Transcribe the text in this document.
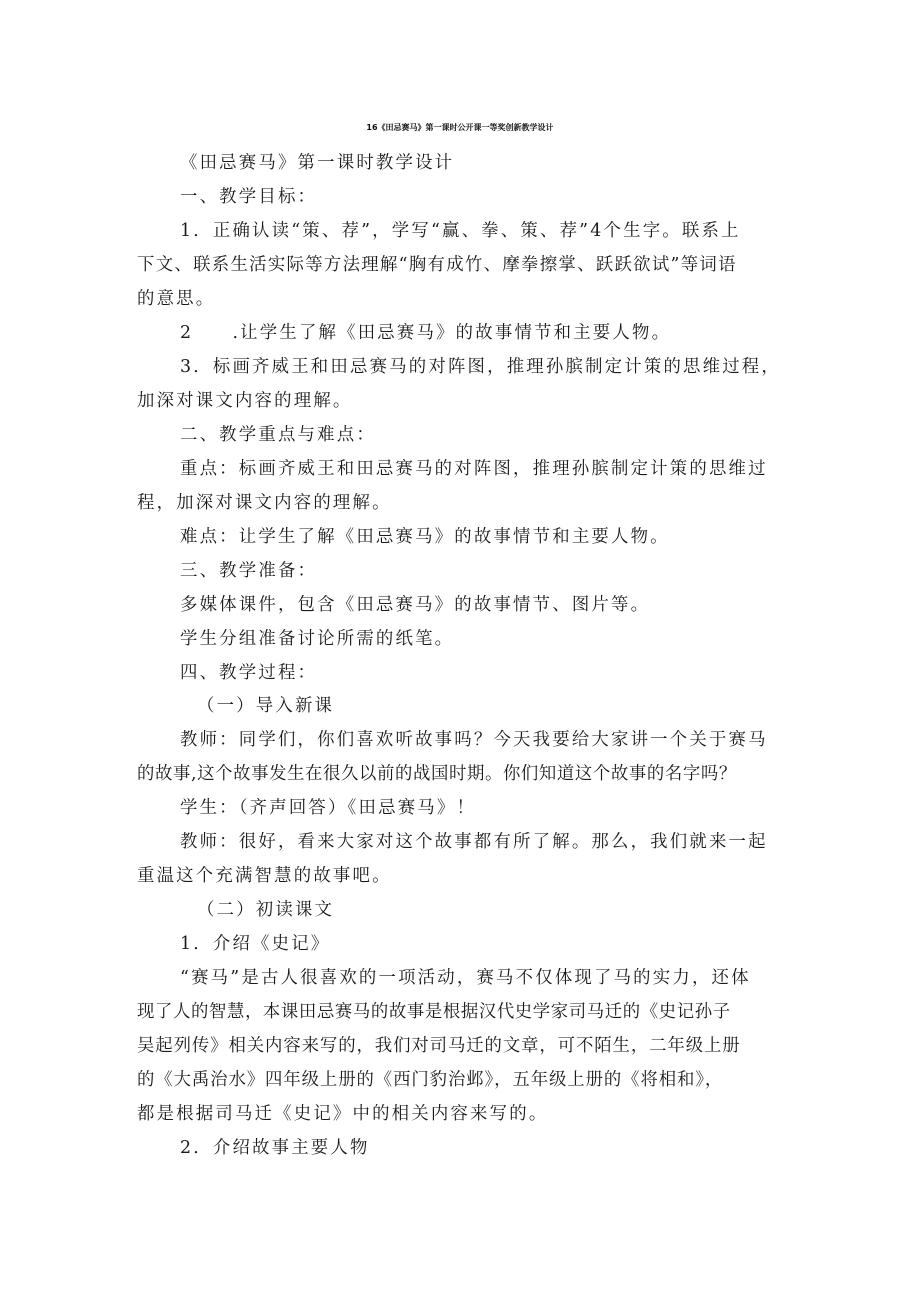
16《田忌赛马》第一课时公开课一等奖创新教学设计
《田忌赛马》第一课时教学设计
一、教学目标：
1．正确认读“策、荐”，学写“赢、拳、策、荐”4个生字。联系上
下文、联系生活实际等方法理解“胸有成竹、摩拳擦掌、跃跃欲试”等词语
的意思。
2　　.让学生了解《田忌赛马》的故事情节和主要人物。
3．标画齐威王和田忌赛马的对阵图，推理孙膑制定计策的思维过程，
加深对课文内容的理解。
二、教学重点与难点：
重点：标画齐威王和田忌赛马的对阵图，推理孙膑制定计策的思维过
程，加深对课文内容的理解。
难点：让学生了解《田忌赛马》的故事情节和主要人物。
三、教学准备：
多媒体课件，包含《田忌赛马》的故事情节、图片等。
学生分组准备讨论所需的纸笔。
四、教学过程：
（一）导入新课
教师：同学们，你们喜欢听故事吗？今天我要给大家讲一个关于赛马
的故事,这个故事发生在很久以前的战国时期。你们知道这个故事的名字吗？
学生：（齐声回答）《田忌赛马》！
教师：很好，看来大家对这个故事都有所了解。那么，我们就来一起
重温这个充满智慧的故事吧。
（二）初读课文
1．介绍《史记》
“赛马”是古人很喜欢的一项活动，赛马不仅体现了马的实力，还体
现了人的智慧，本课田忌赛马的故事是根据汉代史学家司马迁的《史记孙子
吴起列传》相关内容来写的，我们对司马迁的文章，可不陌生，二年级上册
的《大禹治水》四年级上册的《西门豹治邺》，五年级上册的《将相和》，
都是根据司马迁《史记》中的相关内容来写的。
2．介绍故事主要人物
